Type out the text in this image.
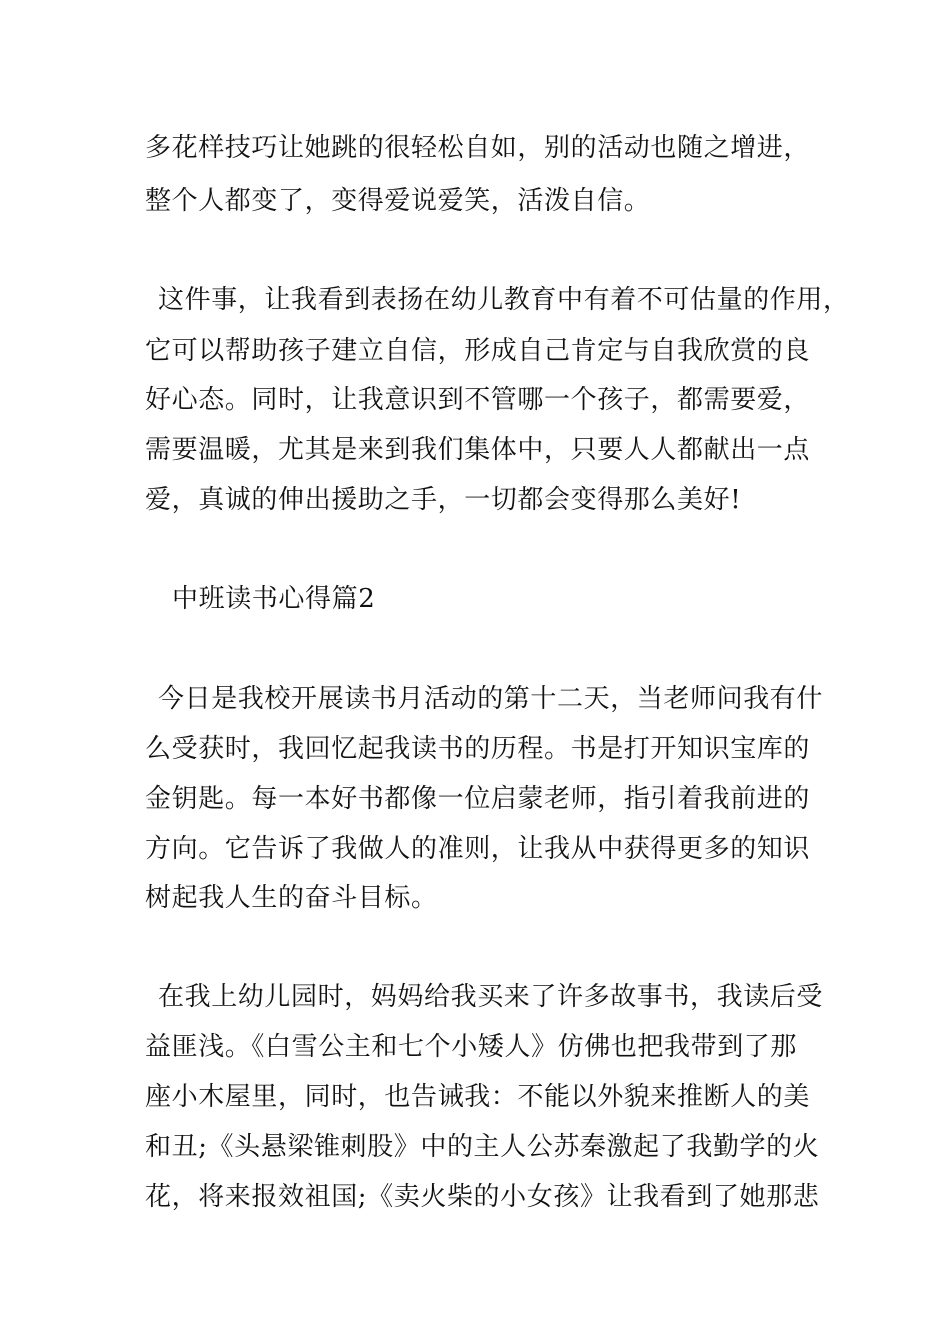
多花样技巧让她跳的很轻松自如，别的活动也随之增进，
整个人都变了，变得爱说爱笑，活泼自信。
这件事，让我看到表扬在幼儿教育中有着不可估量的作用，
它可以帮助孩子建立自信，形成自己肯定与自我欣赏的良
好心态。同时，让我意识到不管哪一个孩子，都需要爱，
需要温暖，尤其是来到我们集体中，只要人人都献出一点
爱，真诚的伸出援助之手，一切都会变得那么美好!
中班读书心得篇2
今日是我校开展读书月活动的第十二天，当老师问我有什
么受获时，我回忆起我读书的历程。书是打开知识宝库的
金钥匙。每一本好书都像一位启蒙老师，指引着我前进的
方向。它告诉了我做人的准则，让我从中获得更多的知识
树起我人生的奋斗目标。
在我上幼儿园时，妈妈给我买来了许多故事书，我读后受
益匪浅。《白雪公主和七个小矮人》仿佛也把我带到了那
座小木屋里，同时，也告诫我：不能以外貌来推断人的美
和丑;《头悬梁锥刺股》中的主人公苏秦激起了我勤学的火
花，将来报效祖国;《卖火柴的小女孩》让我看到了她那悲
